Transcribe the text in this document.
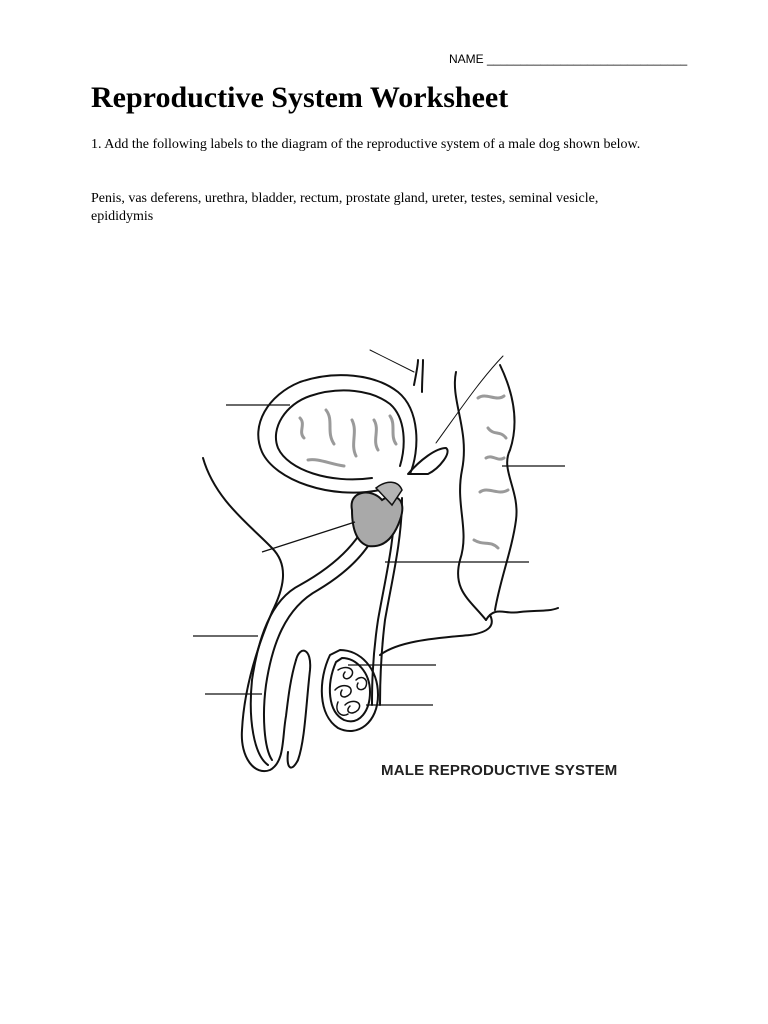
NAME ______________________________
Reproductive System Worksheet

1. Add the following labels to the diagram of the reproductive system of a male dog shown below.

Penis, vas deferens, urethra, bladder, rectum, prostate gland, ureter, testes, seminal vesicle, epididymis

MALE REPRODUCTIVE SYSTEM
